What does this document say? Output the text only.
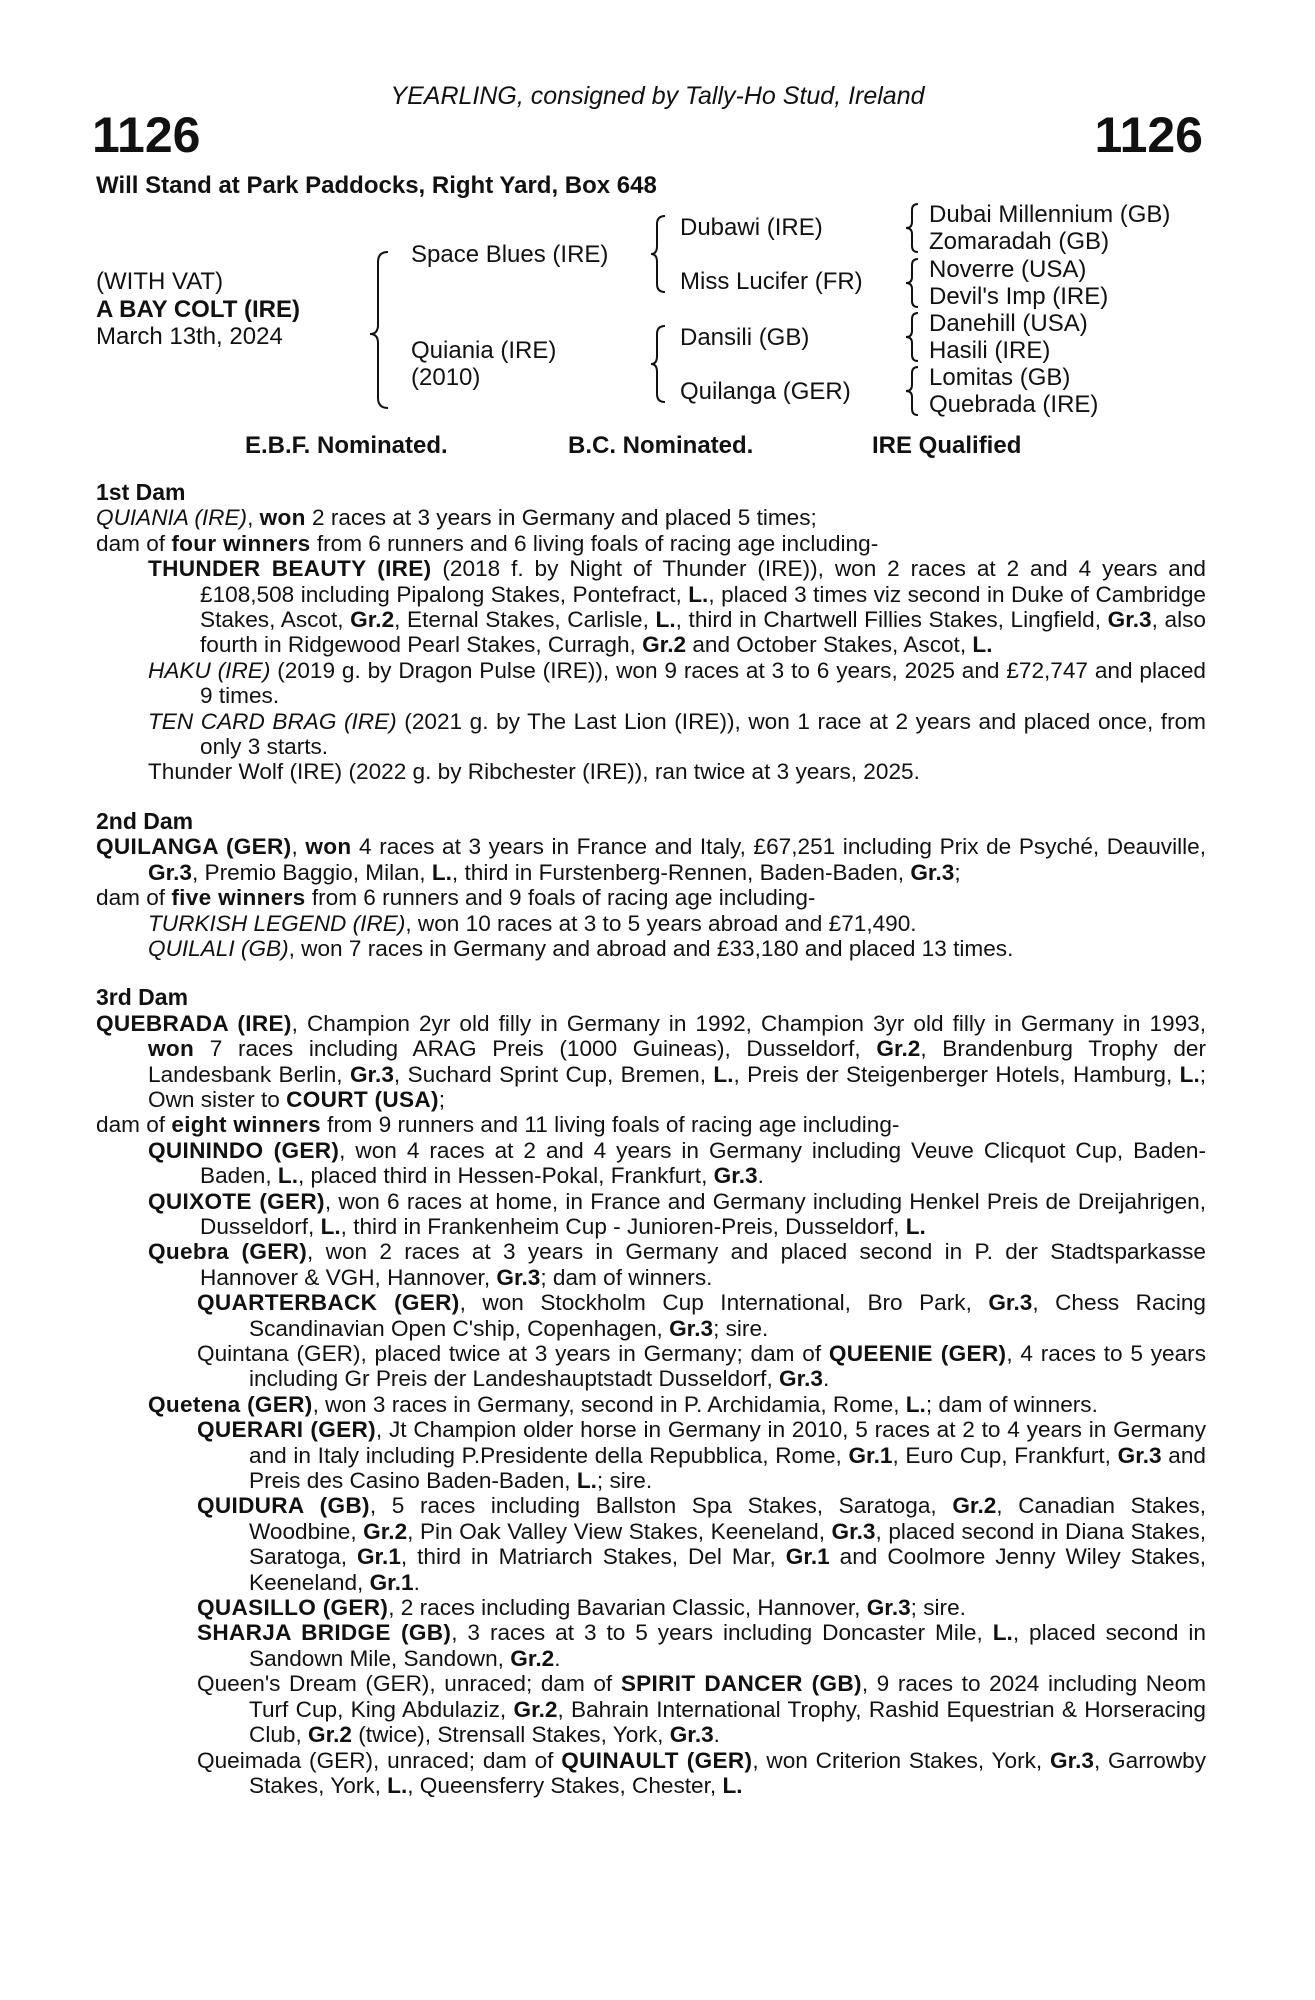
YEARLING, consigned by Tally-Ho Stud, Ireland
1126	1126
Will Stand at Park Paddocks, Right Yard, Box 648
(WITH VAT)
A BAY COLT (IRE)
March 13th, 2024
Space Blues (IRE)
Quiania (IRE)
(2010)
Dubawi (IRE)
Miss Lucifer (FR)
Dansili (GB)
Quilanga (GER)
Dubai Millennium (GB)
Zomaradah (GB)
Noverre (USA)
Devil's Imp (IRE)
Danehill (USA)
Hasili (IRE)
Lomitas (GB)
Quebrada (IRE)
E.B.F. Nominated.	B.C. Nominated.	IRE Qualified

1st Dam

QUIANIA (IRE), won 2 races at 3 years in Germany and placed 5 times;

dam of four winners from 6 runners and 6 living foals of racing age including-

THUNDER BEAUTY (IRE) (2018 f. by Night of Thunder (IRE)), won 2 races at 2 and 4 years and £108,508 including Pipalong Stakes, Pontefract, L., placed 3 times viz second in Duke of Cambridge Stakes, Ascot, Gr.2, Eternal Stakes, Carlisle, L., third in Chartwell Fillies Stakes, Lingfield, Gr.3, also fourth in Ridgewood Pearl Stakes, Curragh, Gr.2 and October Stakes, Ascot, L.

HAKU (IRE) (2019 g. by Dragon Pulse (IRE)), won 9 races at 3 to 6 years, 2025 and £72,747 and placed 9 times.

TEN CARD BRAG (IRE) (2021 g. by The Last Lion (IRE)), won 1 race at 2 years and placed once, from only 3 starts.

Thunder Wolf (IRE) (2022 g. by Ribchester (IRE)), ran twice at 3 years, 2025.

2nd Dam

QUILANGA (GER), won 4 races at 3 years in France and Italy, £67,251 including Prix de Psyché, Deauville, Gr.3, Premio Baggio, Milan, L., third in Furstenberg-Rennen, Baden-Baden, Gr.3;

dam of five winners from 6 runners and 9 foals of racing age including-

TURKISH LEGEND (IRE), won 10 races at 3 to 5 years abroad and £71,490.

QUILALI (GB), won 7 races in Germany and abroad and £33,180 and placed 13 times.

3rd Dam

QUEBRADA (IRE), Champion 2yr old filly in Germany in 1992, Champion 3yr old filly in Germany in 1993, won 7 races including ARAG Preis (1000 Guineas), Dusseldorf, Gr.2, Brandenburg Trophy der Landesbank Berlin, Gr.3, Suchard Sprint Cup, Bremen, L., Preis der Steigenberger Hotels, Hamburg, L.; Own sister to COURT (USA);

dam of eight winners from 9 runners and 11 living foals of racing age including-

QUININDO (GER), won 4 races at 2 and 4 years in Germany including Veuve Clicquot Cup, Baden-Baden, L., placed third in Hessen-Pokal, Frankfurt, Gr.3.

QUIXOTE (GER), won 6 races at home, in France and Germany including Henkel Preis de Dreijahrigen, Dusseldorf, L., third in Frankenheim Cup - Junioren-Preis, Dusseldorf, L.

Quebra (GER), won 2 races at 3 years in Germany and placed second in P. der Stadtsparkasse Hannover & VGH, Hannover, Gr.3; dam of winners.

QUARTERBACK (GER), won Stockholm Cup International, Bro Park, Gr.3, Chess Racing Scandinavian Open C'ship, Copenhagen, Gr.3; sire.

Quintana (GER), placed twice at 3 years in Germany; dam of QUEENIE (GER), 4 races to 5 years including Gr Preis der Landeshauptstadt Dusseldorf, Gr.3.

Quetena (GER), won 3 races in Germany, second in P. Archidamia, Rome, L.; dam of winners.

QUERARI (GER), Jt Champion older horse in Germany in 2010, 5 races at 2 to 4 years in Germany and in Italy including P.Presidente della Repubblica, Rome, Gr.1, Euro Cup, Frankfurt, Gr.3 and Preis des Casino Baden-Baden, L.; sire.

QUIDURA (GB), 5 races including Ballston Spa Stakes, Saratoga, Gr.2, Canadian Stakes, Woodbine, Gr.2, Pin Oak Valley View Stakes, Keeneland, Gr.3, placed second in Diana Stakes, Saratoga, Gr.1, third in Matriarch Stakes, Del Mar, Gr.1 and Coolmore Jenny Wiley Stakes, Keeneland, Gr.1.

QUASILLO (GER), 2 races including Bavarian Classic, Hannover, Gr.3; sire.

SHARJA BRIDGE (GB), 3 races at 3 to 5 years including Doncaster Mile, L., placed second in Sandown Mile, Sandown, Gr.2.

Queen's Dream (GER), unraced; dam of SPIRIT DANCER (GB), 9 races to 2024 including Neom Turf Cup, King Abdulaziz, Gr.2, Bahrain International Trophy, Rashid Equestrian & Horseracing Club, Gr.2 (twice), Strensall Stakes, York, Gr.3.

Queimada (GER), unraced; dam of QUINAULT (GER), won Criterion Stakes, York, Gr.3, Garrowby Stakes, York, L., Queensferry Stakes, Chester, L.
